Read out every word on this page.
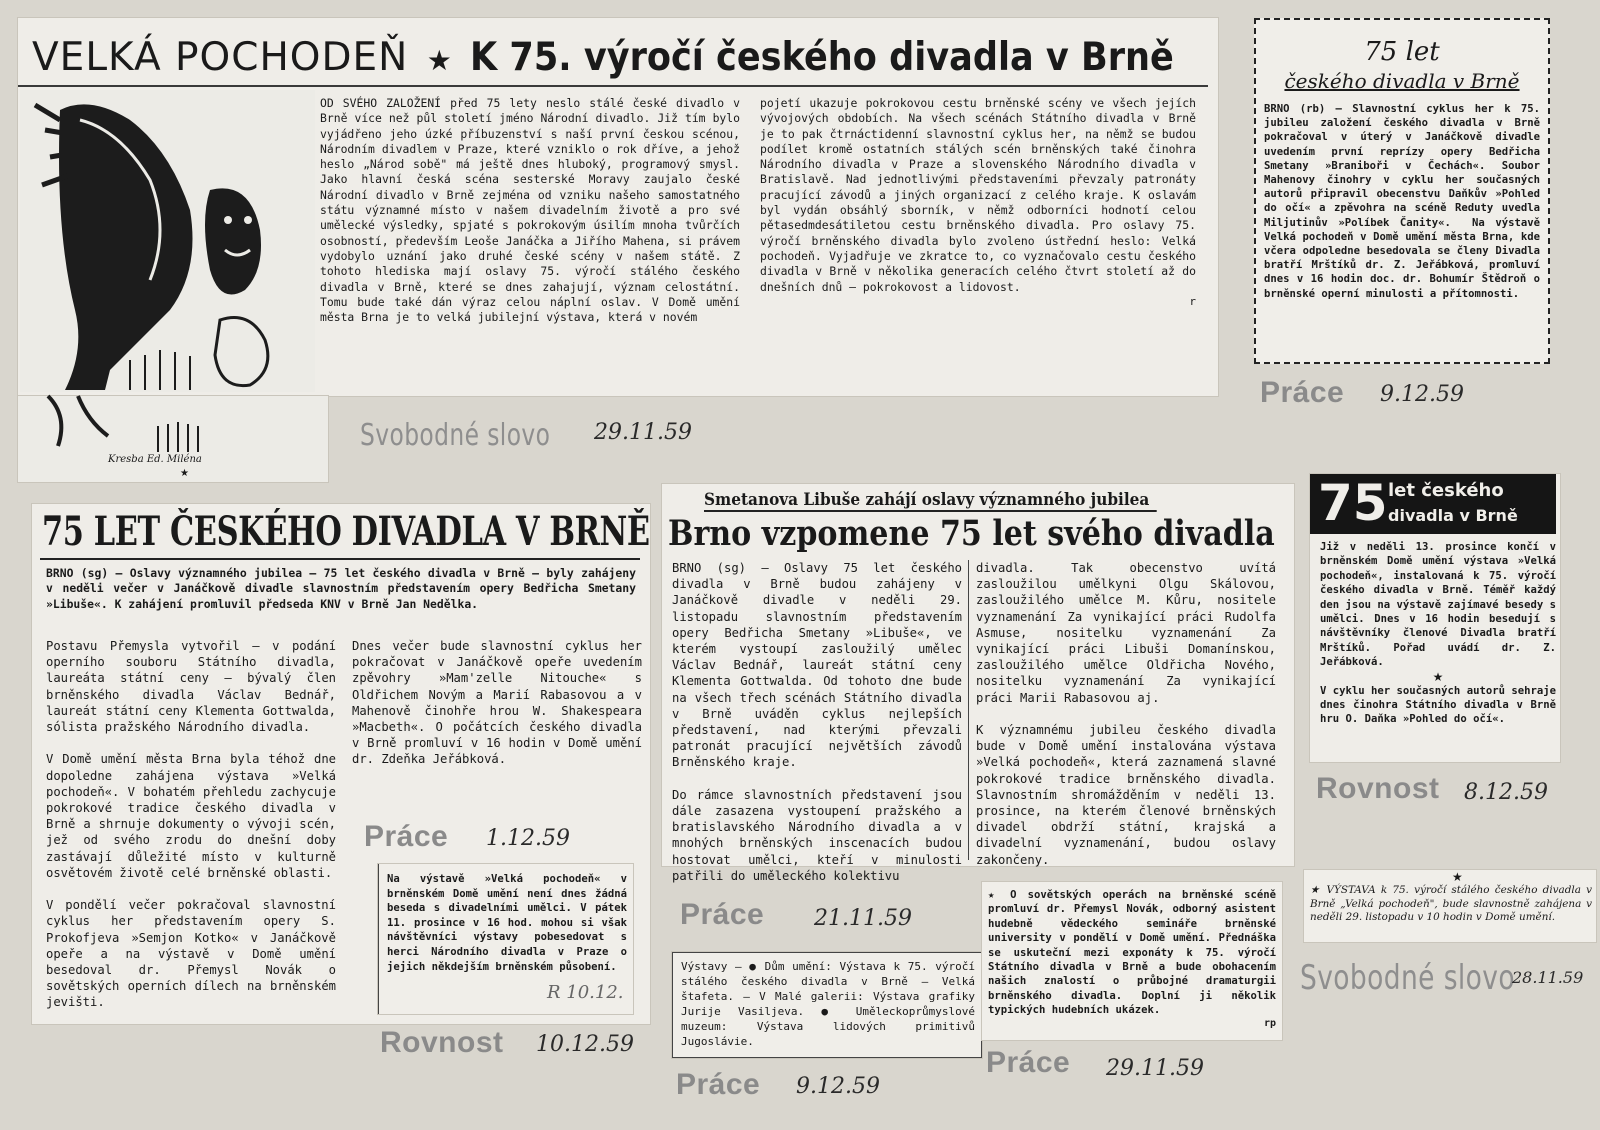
VELKÁ POCHODEŇ ★ K 75. výročí českého divadla v Brně

OD SVÉHO ZALOŽENÍ před 75 lety neslo stálé české divadlo v Brně více než půl století jméno Národní divadlo. Již tím bylo vyjádřeno jeho úzké příbuzenství s naší první českou scénou, Národním divadlem v Praze, které vzniklo o rok dříve, a jehož heslo „Národ sobě" má ještě dnes hluboký, programový smysl. Jako hlavní česká scéna sesterské Moravy zaujalo české Národní divadlo v Brně zejména od vzniku našeho samostatného státu významné místo v našem divadelním životě a pro své umělecké výsledky, spjaté s pokrokovým úsilím mnoha tvůrčích osobností, především Leoše Janáčka a Jiřího Mahena, si právem vydobylo uznání jako druhé české scény v našem státě. Z tohoto hlediska mají oslavy 75. výročí stálého českého divadla v Brně, které se dnes zahajují, význam celostátní. Tomu bude také dán výraz celou náplní oslav. V Domě umění města Brna je to velká jubilejní výstava, která v novém

pojetí ukazuje pokrokovou cestu brněnské scény ve všech jejích vývojových obdobích. Na všech scénách Státního divadla v Brně je to pak čtrnáctidenní slavnostní cyklus her, na němž se budou podílet kromě ostatních stálých scén brněnských také činohra Národního divadla v Praze a slovenského Národního divadla v Bratislavě. Nad jednotlivými představeními převzaly patronáty pracující závodů a jiných organizací z celého kraje. K oslavám byl vydán obsáhlý sborník, v němž odborníci hodnotí celou pětasedmdesátiletou cestu brněnského divadla. Pro oslavy 75. výročí brněnského divadla bylo zvoleno ústřední heslo: Velká pochodeň. Vyjadřuje ve zkratce to, co vyznačovalo cestu českého divadla v Brně v několika generacích celého čtvrt století až do dnešních dnů — pokrokovost a lidovost.

r
Kresba Ed. Miléna
★
Svobodné slovo 29.11.59
75 let
českého divadla v Brně

BRNO (rb) — Slavnostní cyklus her k 75. jubileu založení českého divadla v Brně pokračoval v úterý v Janáčkově divadle uvedením první reprízy opery Bedřicha Smetany »Braniboři v Čechách«. Soubor Mahenovy činohry v cyklu her současných autorů připravil obecenstvu Daňkův »Pohled do očí« a zpěvohra na scéně Reduty uvedla Miljutinův »Políbek Čanity«.  Na výstavě Velká pochodeň v Domě umění města Brna, kde včera odpoledne besedovala se členy Divadla bratří Mrštíků dr. Z. Jeřábková, promluví dnes v 16 hodin doc. dr. Bohumír Štědroň o brněnské operní minulosti a přítomnosti.

Práce 9.12.59
75 LET ČESKÉHO DIVADLA V BRNĚ

BRNO (sg) — Oslavy významného jubilea — 75 let českého divadla v Brně — byly zahájeny v neděli večer v Janáčkově divadle slavnostním představením opery Bedřicha Smetany »Libuše«. K zahájení promluvil předseda KNV v Brně Jan Nedělka.

Postavu Přemysla vytvořil — v podání operního souboru Státního divadla, laureáta státní ceny — bývalý člen brněnského divadla Václav Bednář, laureát státní ceny Klementa Gottwalda, sólista pražského Národního divadla.

V Domě umění města Brna byla téhož dne dopoledne zahájena výstava »Velká pochodeň«. V bohatém přehledu zachycuje pokrokové tradice českého divadla v Brně a shrnuje dokumenty o vývoji scén, jež od svého zrodu do dnešní doby zastávají důležité místo v kulturně osvětovém životě celé brněnské oblasti.

V pondělí večer pokračoval slavnostní cyklus her představením opery S. Prokofjeva »Semjon Kotko« v Janáčkově opeře a na výstavě v Domě umění besedoval dr. Přemysl Novák o sovětských operních dílech na brněnském jevišti.

Dnes večer bude slavnostní cyklus her pokračovat v Janáčkově opeře uvedením zpěvohry »Mam'zelle Nitouche« s Oldřichem Novým a Marií Rabasovou a v Mahenově činohře hrou W. Shakespeara »Macbeth«. O počátcích českého divadla v Brně promluví v 16 hodin v Domě umění dr. Zdeňka Jeřábková.

Práce 1.12.59

Na výstavě »Velká pochodeň« v brněnském Domě umění není dnes žádná beseda s divadelními umělci. V pátek 11. prosince v 16 hod. mohou si však návštěvníci výstavy pobesedovat s herci Národního divadla v Praze o jejich někdejším brněnském působení.

R 10.12.
Rovnost 10.12.59
Smetanova Libuše zahájí oslavy významného jubilea
Brno vzpomene 75 let svého divadla

BRNO (sg) — Oslavy 75 let českého divadla v Brně budou zahájeny v Janáčkově divadle v neděli 29. listopadu slavnostním představením opery Bedřicha Smetany »Libuše«, ve kterém vystoupí zasloužilý umělec Václav Bednář, laureát státní ceny Klementa Gottwalda. Od tohoto dne bude na všech třech scénách Státního divadla v Brně uváděn cyklus nejlepších představení, nad kterými převzali patronát pracující největších závodů Brněnského kraje.

Do rámce slavnostních představení jsou dále zasazena vystoupení pražského a bratislavského Národního divadla a v mnohých brněnských inscenacích budou hostovat umělci, kteří v minulosti patřili do uměleckého kolektivu

divadla. Tak obecenstvo uvítá zasloužilou umělkyni Olgu Skálovou, zasloužilého umělce M. Kůru, nositele vyznamenání Za vynikající práci Rudolfa Asmuse, nositelku vyznamenání Za vynikající práci Libuši Domanínskou, zasloužilého umělce Oldřicha Nového, nositelku vyznamenání Za vynikající práci Marii Rabasovou aj.

K významnému jubileu českého divadla bude v Domě umění instalována výstava »Velká pochodeň«, která zaznamená slavné pokrokové tradice brněnského divadla. Slavnostním shromážděním v neděli 13. prosince, na kterém členové brněnských divadel obdrží státní, krajská a divadelní vyznamenání, budou oslavy zakončeny.

Práce 21.11.59

Výstavy — ● Dům umění: Výstava k 75. výročí stálého českého divadla v Brně — Velká štafeta. — V Malé galerii: Výstava grafiky Jurije Vasiljeva. ● Uměleckoprůmyslové muzeum: Výstava lidových primitivů Jugoslávie.

Práce 9.12.59

★ O sovětských operách na brněnské scéně promluví dr. Přemysl Novák, odborný asistent hudebně vědeckého semináře brněnské university v pondělí v Domě umění. Přednáška se uskuteční mezi exponáty k 75. výročí Státního divadla v Brně a bude obohacením našich znalostí o průbojné dramaturgii brněnského divadla. Doplní ji několik typických hudebních ukázek.

rp
Práce 29.11.59
75 let českého
divadla v Brně

Již v neděli 13. prosince končí v brněnském Domě umění výstava »Velká pochodeň«, instalovaná k 75. výročí českého divadla v Brně. Téměř každý den jsou na výstavě zajímavé besedy s umělci. Dnes v 16 hodin besedují s návštěvníky členové Divadla bratří Mrštíků. Pořad uvádí dr. Z. Jeřábková.

★

V cyklu her současných autorů sehraje dnes činohra Státního divadla v Brně hru O. Daňka »Pohled do očí«.

Rovnost 8.12.59
★

★ VÝSTAVA k 75. výročí stálého českého divadla v Brně „Velká pochodeň", bude slavnostně zahájena v neděli 29. listopadu v 10 hodin v Domě umění.

Svobodné slovo
28.11.59
